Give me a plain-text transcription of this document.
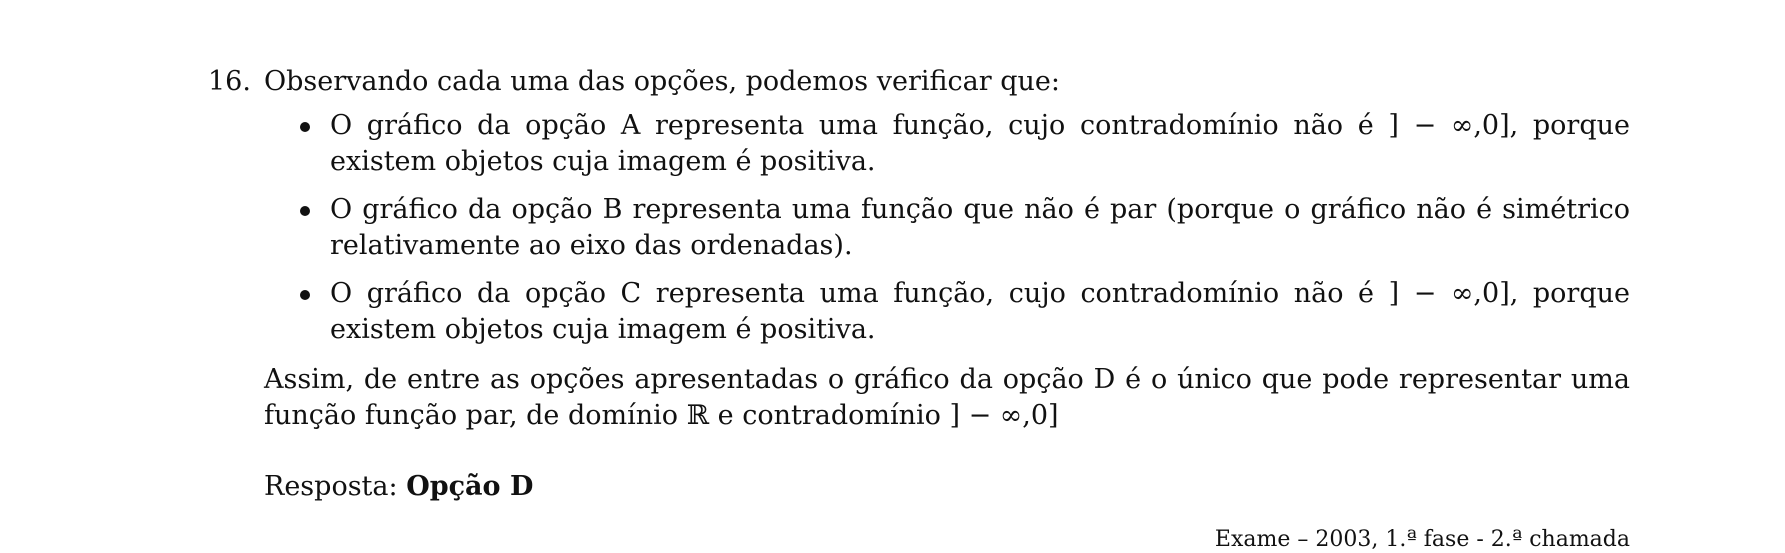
16. Observando cada uma das opções, podemos verificar que:
O gráfico da opção A representa uma função, cujo contradomínio não é ] − ∞,0], porque existem objetos cuja imagem é positiva.
O gráfico da opção B representa uma função que não é par (porque o gráfico não é simétrico relativamente ao eixo das ordenadas).
O gráfico da opção C representa uma função, cujo contradomínio não é ] − ∞,0], porque existem objetos cuja imagem é positiva.
Assim, de entre as opções apresentadas o gráfico da opção D é o único que pode representar uma função função par, de domínio ℝ e contradomínio ] − ∞,0]
Resposta: Opção D
Exame – 2003, 1.ª fase - 2.ª chamada
